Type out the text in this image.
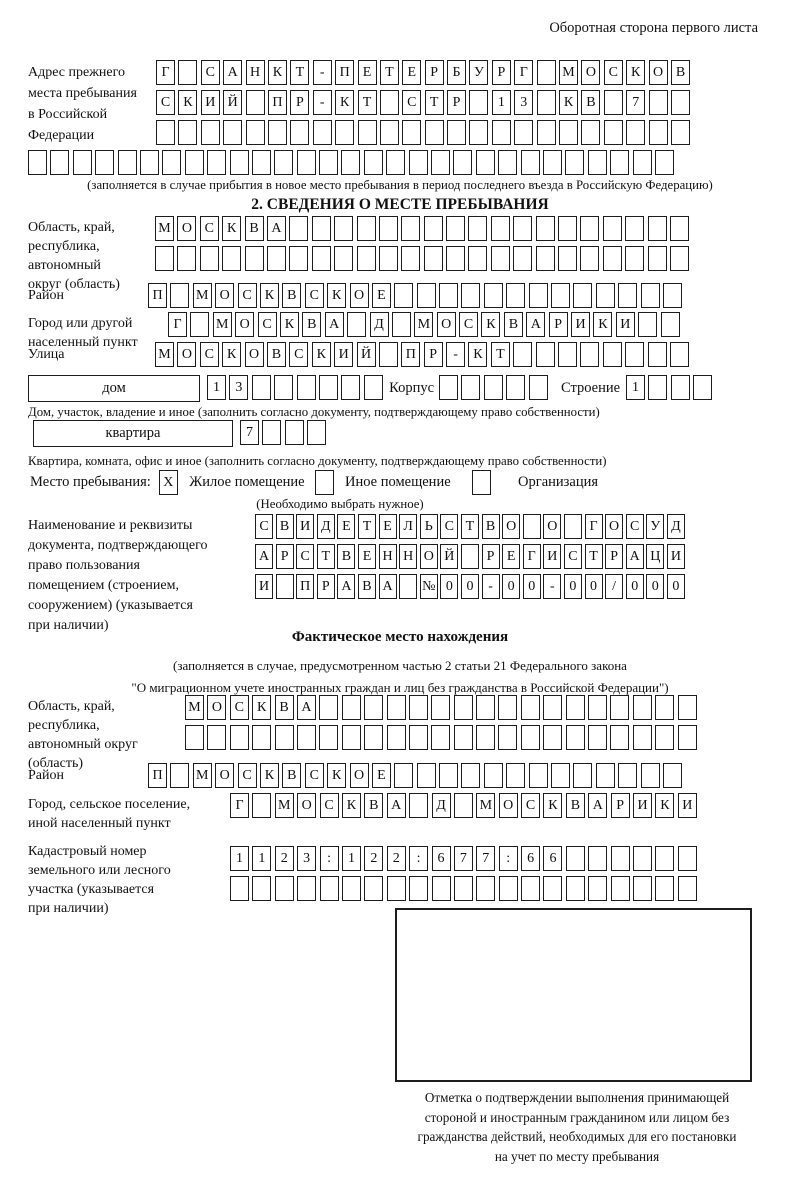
Оборотная сторона первого листа
Адрес прежнего
места пребывания
в Российской
Федерации
Г	С А Н К Т	-	П Е Т Е	Р	Б У Р	Г	М О С К О В
С К И Й	П Р	-	К Т	С Т	Р	1	3	К В	7
(заполняется в случае прибытия в новое место пребывания в период последнего въезда в Российскую Федерацию)
2. СВЕДЕНИЯ О МЕСТЕ ПРЕБЫВАНИЯ
Область, край,
республика,
автономный
округ (область)
М О С К В А
Район	П	М О С К В С К О Е
Город или другой
населенный пункт
Г	М О С К В А	Д	М О С К В А Р И К И
Улица	М О С К О В С К И Й	П Р	-	К Т
дом	1	3	Корпус	Строение 1
Дом, участок, владение и иное (заполнить согласно документу, подтверждающему право собственности)
квартира	7
Квартира, комната, офис и иное (заполнить согласно документу, подтверждающему право собственности)
Место пребывания: X	Жилое помещение	Иное помещение	Организация
(Необходимо выбрать нужное)
Наименование и реквизиты
документа, подтверждающего
право пользования
помещением (строением,
сооружением) (указывается
при наличии)
С В И Д Е Т Е Л Ь С Т В О О	Г О С У Д
А Р С Т В Е Н Н О Й	Р Е Г И С Т Р А Ц И
И П Р А В А № 0 0	-	0 0	-	0 0	/	0 0 0
Фактическое место нахождения
(заполняется в случае, предусмотренном частью 2 статьи 21 Федерального закона
"О миграционном учете иностранных граждан и лиц без гражданства в Российской Федерации")
Область, край,
республика,
автономный округ
(область)
М О С К В А
Район	П	М О С К В С К О Е
Город, сельское поселение,
иной населенный пункт
Г	М О С К В А	Д	М О С К В А Р И К И
Кадастровый номер
земельного или лесного
участка (указывается
при наличии)
1	1	2	3	:	1	2	2	:	6	7	7	:	6	6
Отметка о подтверждении выполнения принимающей
стороной и иностранным гражданином или лицом без
гражданства действий, необходимых для его постановки
на учет по месту пребывания
